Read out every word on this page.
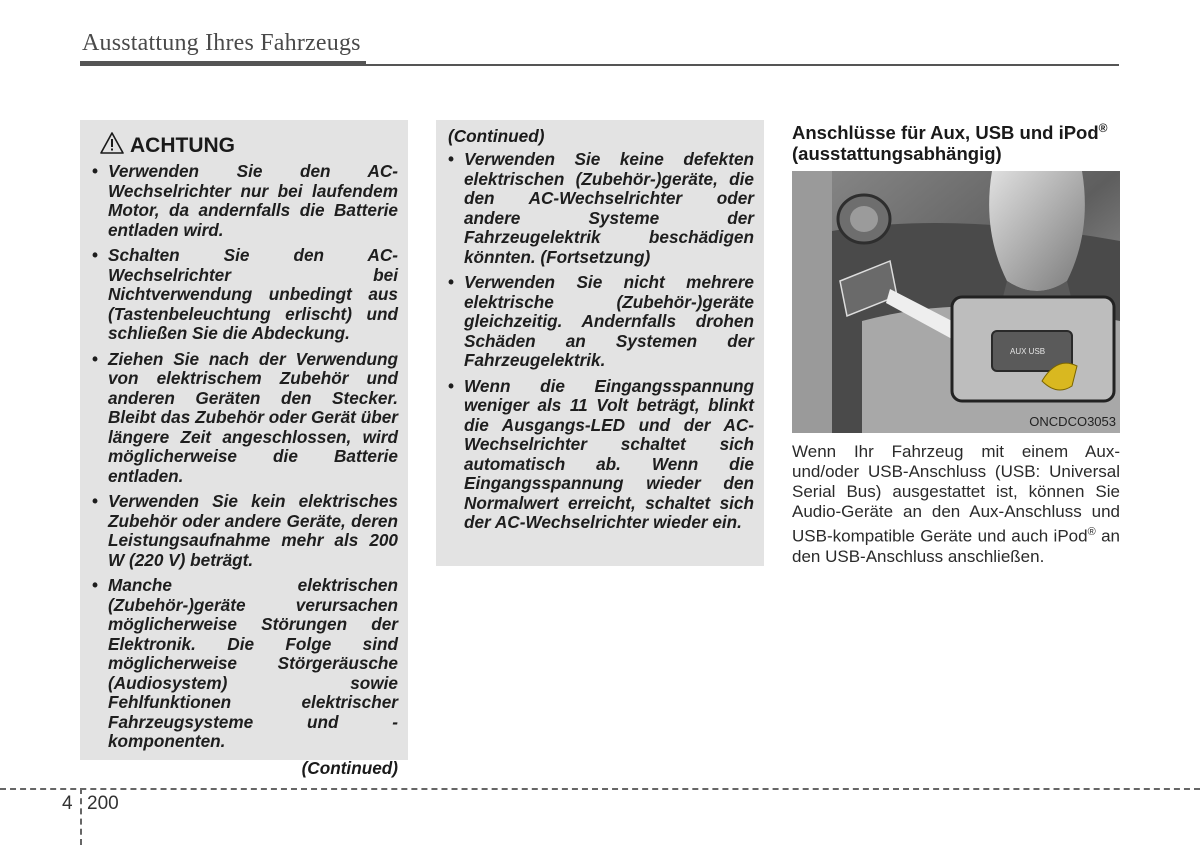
Ausstattung Ihres Fahrzeugs
ACHTUNG
• Verwenden Sie den AC-Wechselrichter nur bei laufendem Motor, da andernfalls die Batterie entladen wird.
• Schalten Sie den AC-Wechselrichter bei Nichtverwendung unbedingt aus (Tastenbeleuchtung erlischt) und schließen Sie die Abdeckung.
• Ziehen Sie nach der Verwendung von elektrischem Zubehör und anderen Geräten den Stecker. Bleibt das Zubehör oder Gerät über längere Zeit angeschlossen, wird möglicherweise die Batterie entladen.
• Verwenden Sie kein elektrisches Zubehör oder andere Geräte, deren Leistungsaufnahme mehr als 200 W (220 V) beträgt.
• Manche elektrischen (Zubehör-)geräte verursachen möglicherweise Störungen der Elektronik. Die Folge sind möglicherweise Störgeräusche (Audiosystem) sowie Fehlfunktionen elektrischer Fahrzeugsysteme und -komponenten.
(Continued)
(Continued)
• Verwenden Sie keine defekten elektrischen (Zubehör-)geräte, die den AC-Wechselrichter oder andere Systeme der Fahrzeugelektrik beschädigen könnten. (Fortsetzung)
• Verwenden Sie nicht mehrere elektrische (Zubehör-)geräte gleichzeitig. Andernfalls drohen Schäden an Systemen der Fahrzeugelektrik.
• Wenn die Eingangsspannung weniger als 11 Volt beträgt, blinkt die Ausgangs-LED und der AC-Wechselrichter schaltet sich automatisch ab. Wenn die Eingangsspannung wieder den Normalwert erreicht, schaltet sich der AC-Wechselrichter wieder ein.
Anschlüsse für Aux, USB und iPod® (ausstattungsabhängig)
AUX USB
ONCDCO3053
Wenn Ihr Fahrzeug mit einem Aux- und/oder USB-Anschluss (USB: Universal Serial Bus) ausgestattet ist, können Sie Audio-Geräte an den Aux-Anschluss und USB-kompatible Geräte und auch iPod® an den USB-Anschluss anschließen.
4 200
